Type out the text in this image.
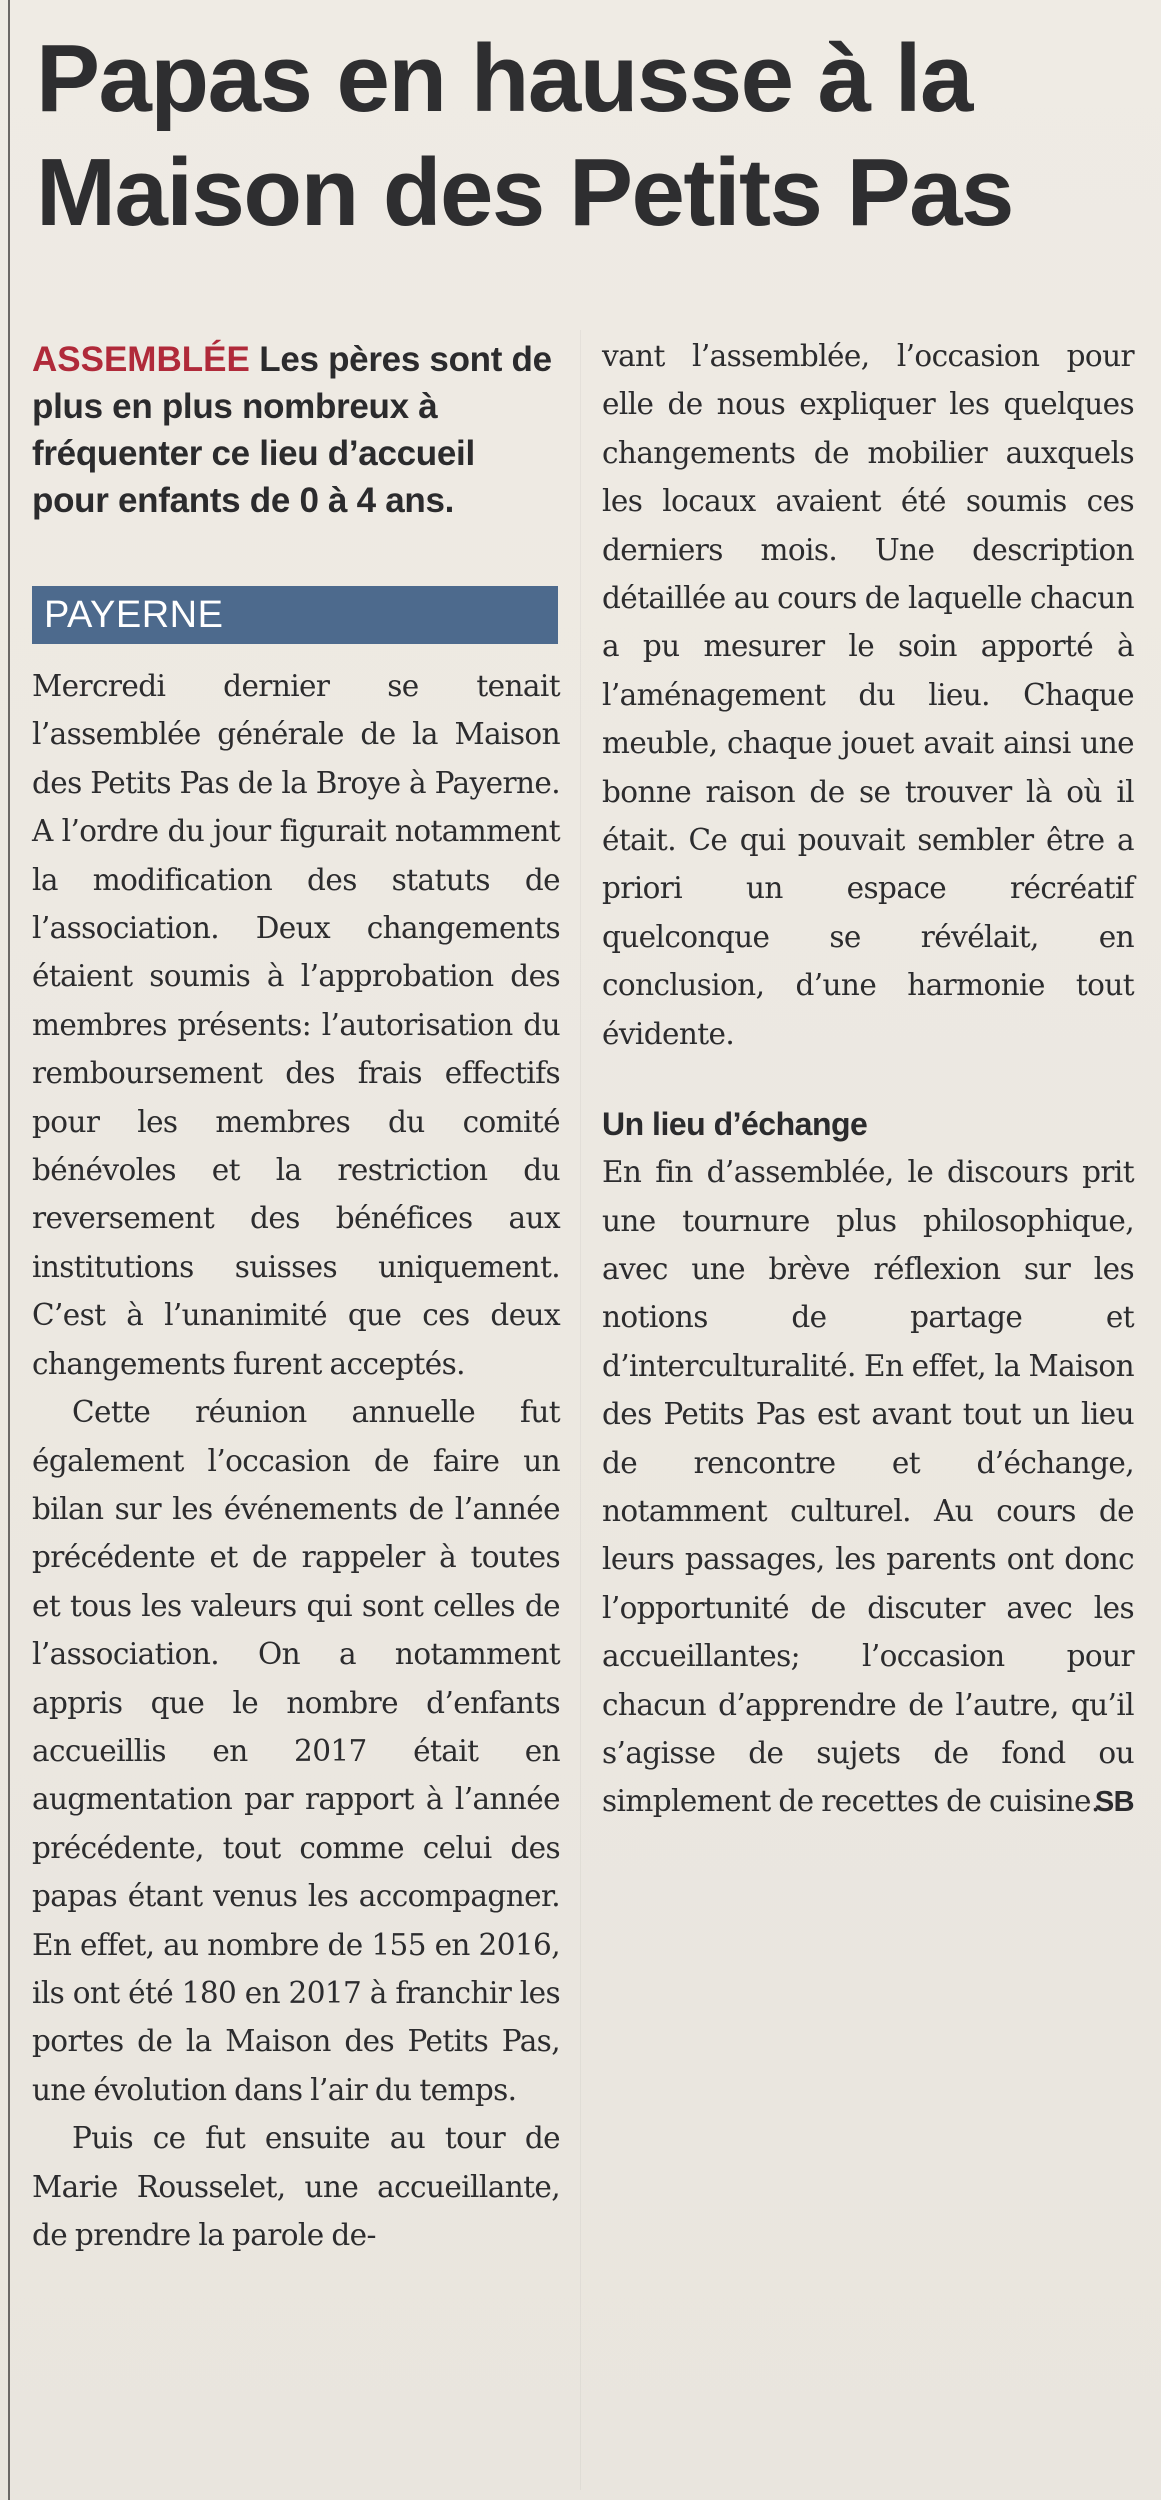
Papas en hausse à la
Maison des Petits Pas

ASSEMBLÉE Les pères sont de plus en plus nombreux à fréquenter ce lieu d’accueil pour enfants de 0 à 4 ans.

PAYERNE

Mercredi dernier se tenait l’assemblée générale de la Maison des Petits Pas de la Broye à Payerne. A l’ordre du jour figurait notamment la modification des statuts de l’association. Deux changements étaient soumis à l’approbation des membres présents: l’autorisation du remboursement des frais effectifs pour les membres du comité bénévoles et la restriction du reversement des bénéfices aux institutions suisses uniquement. C’est à l’unanimité que ces deux changements furent acceptés.

Cette réunion annuelle fut également l’occasion de faire un bilan sur les événements de l’année précédente et de rappeler à toutes et tous les valeurs qui sont celles de l’association. On a notamment appris que le nombre d’enfants accueillis en 2017 était en augmentation par rapport à l’année précédente, tout comme celui des papas étant venus les accompagner. En effet, au nombre de 155 en 2016, ils ont été 180 en 2017 à franchir les portes de la Maison des Petits Pas, une évolution dans l’air du temps.

Puis ce fut ensuite au tour de Marie Rousselet, une accueillante, de prendre la parole de-

vant l’assemblée, l’occasion pour elle de nous expliquer les quelques changements de mobilier auxquels les locaux avaient été soumis ces derniers mois. Une description détaillée au cours de laquelle chacun a pu mesurer le soin apporté à l’aménagement du lieu. Chaque meuble, chaque jouet avait ainsi une bonne raison de se trouver là où il était. Ce qui pouvait sembler être a priori un espace récréatif quelconque se révélait, en conclusion, d’une harmonie tout évidente.

Un lieu d’échange

En fin d’assemblée, le discours prit une tournure plus philosophique, avec une brève réflexion sur les notions de partage et d’interculturalité. En effet, la Maison des Petits Pas est avant tout un lieu de rencontre et d’échange, notamment culturel. Au cours de leurs passages, les parents ont donc l’opportunité de discuter avec les accueillantes; l’occasion pour chacun d’apprendre de l’autre, qu’il s’agisse de sujets de fond ou simplement de recettes de cuisine.
SB
